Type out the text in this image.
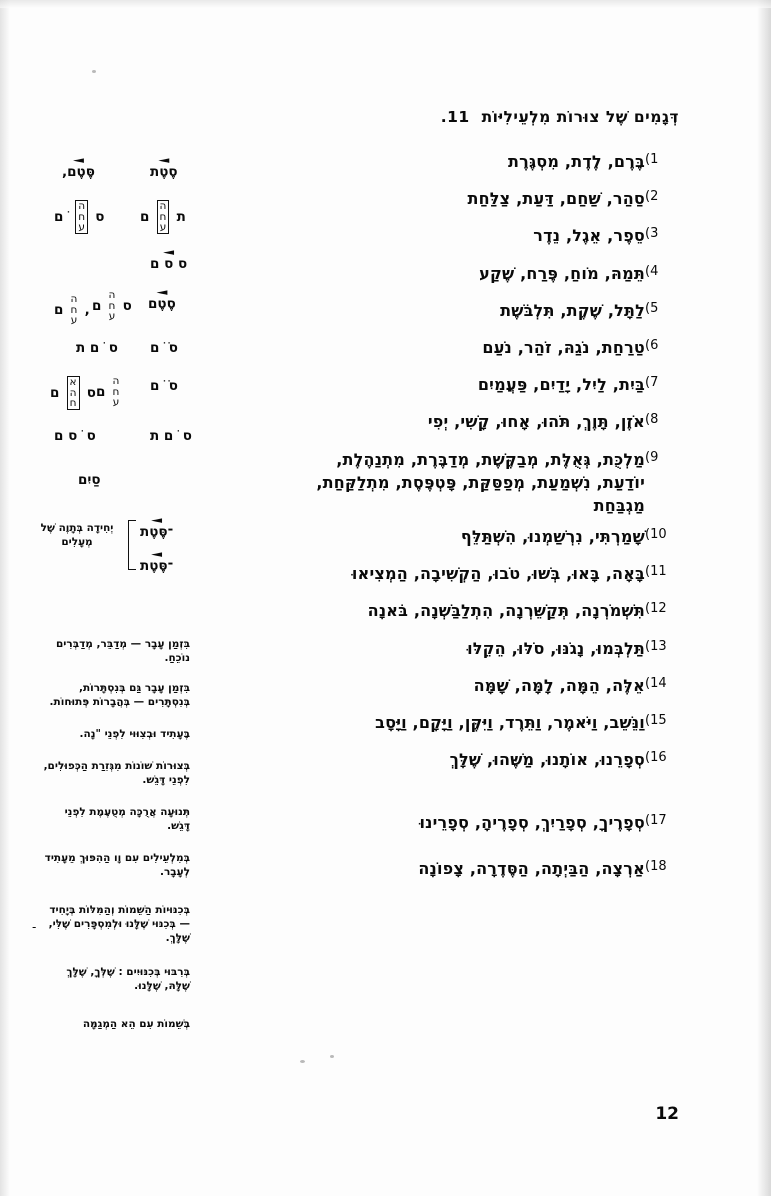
דְּגָמִים שֶׁל צוּרוֹת מִלְעֵילִיּוֹת 11.
(1
בֶּרֶם, לֶדֶת, מִסְגֶּרֶת
(2
סַהַר, שַׁחַם, דַּעַת, צַלַּחַת
(3
סֵפֶר, אֵגֶל, נֵדֶר
(4
תֵּמַהּ, מֹוחַ, פֶּרַח, שֶׁקַע
(5
לַתָּל, שֶׁקֶת, תִּלְבֹּשֶׁת
(6
טַרַחַת, נֹגַהּ, זֹהַר, נֹעַם
(7
בַּיִת, לַיִל, יָדַיִם, פַּעֲמַיִם
(8
אֹזֶן, תָּוֶךְ, תֹּהוּ, אָחוּ, קָשִׁי, יְפִי
(9
מַלְכֻּת, גְּאֻלֶּת, מְבַקֶּשֶׁת, מְדַבֶּרֶת, מִתְנַהֶלֶת,
יוֹדַעַת, נִשְׁמַעַת, מְפַסַּקַּת, פָּטְפֶּסֶת, מִתְלַקַּחַת,
מַגְבַּחַת
(10
שָׁמַרְתִּי, נִרְשַׁמְנוּ, הִשְׁתַּלֵּף
(11
בָּאָה, בָּאוּ, בְּשׁוּ, טֹבוּ, הַקְשִׁיבָה, הַמְצִיאוּ
(12
תִּשְׁמֹרְנָה, תְּקַשֵּׁרְנָה, הִתְלַבַּשְׁנָה, בֹּאנָה
(13
תַּלְבְּמוּ, נָגֹנּוּ, סֹלּוּ, הֵקֵלּוּ
(14
אֵלֶּה, הֵמָּה, לָמָּה, שָׁמָּה
(15
וַנֵּשֵׁב, וַיֹּאמֶר, וַתֵּרֶד, וַיִּקֶּן, וַיָּקָם, וַיָּסָב
(16
סְפָרֵנוּ, אוֹתָנוּ, מַשֶּׁהוּ, שֶׁלָּךְ
(17
סְפָרֶיךָ, סְפָרַיִךְ, סְפָרֶיהָ, סְפָרֵינוּ
(18
אַרְצָה, הַבַּיְתָה, הַסֶּדֶרָה, צָפוֹנָה
◄
סֶטֶת
◄
סֶּטֶם,
ס
ה
ח
ע
ֹ ם	ת
ה
ח
ע
ם
◄
ס ס ם
◄
סֶטֶם
ס
ה
ח
ע
ם
,
ה
ח
ע
ם
סֹ ֹ ם
ס ֹ ם ת
סֹ ֹ ם
ה
ח
ע
ם
ס
א
ה
ח
ם
ס ֹ ם ת
ס ֹ ס ם
סַיִם
◄
־סֶּטֶת
◄
־סֶּטֶת
יְחִידָה בְּתָוֶה שֶׁל מְעָלִים
בִּזְמַן עָבָר — מְדַבֵּר, מְדַבְּרִים נוֹכֵחַ.
בִּזְמַן עָבָר גַּם בְּנִסְתָּרוֹת, בְּנִסְתָּרִים — בְּהֲבָרוֹת פְּתוּחוֹת.
בֶּעָתִיד וּבְצִוּוּי לִפְנֵי "נָה.
בְּצוּרוֹת שׁוֹנוֹת מִגְּזִרַת הַכְּפוּלִים, לִפְנֵי דָּגֵשׁ.
תְּנוּעָה אֲרֻכָּה מְטֻעֶמֶת לִפְנֵי דָּגֵשׁ.
בְּמִלְעֵילִים עִם וָו הַהִפּוּךְ מֵעָתִיד לְעָבָר.
בְּכִנּוּיוֹת הַשֵּׁמוֹת וְהַמִּלּוֹת בְּיָחִיד — בְּכִנּוּי שֶׁלָּנוּ וּלְמִסְפָּרִים שֶׁלִּי, שֶׁלָּךְ.
-
בְּרִבּוּי בְּכִנּוּיִים : שֶׁלְּךָ, שֶׁלָּךְ שֶׁלָּהּ, שֶׁלָּנוּ.
בְּשֵׁמוֹת עִם הֵא הַמְגַמָּה
12
